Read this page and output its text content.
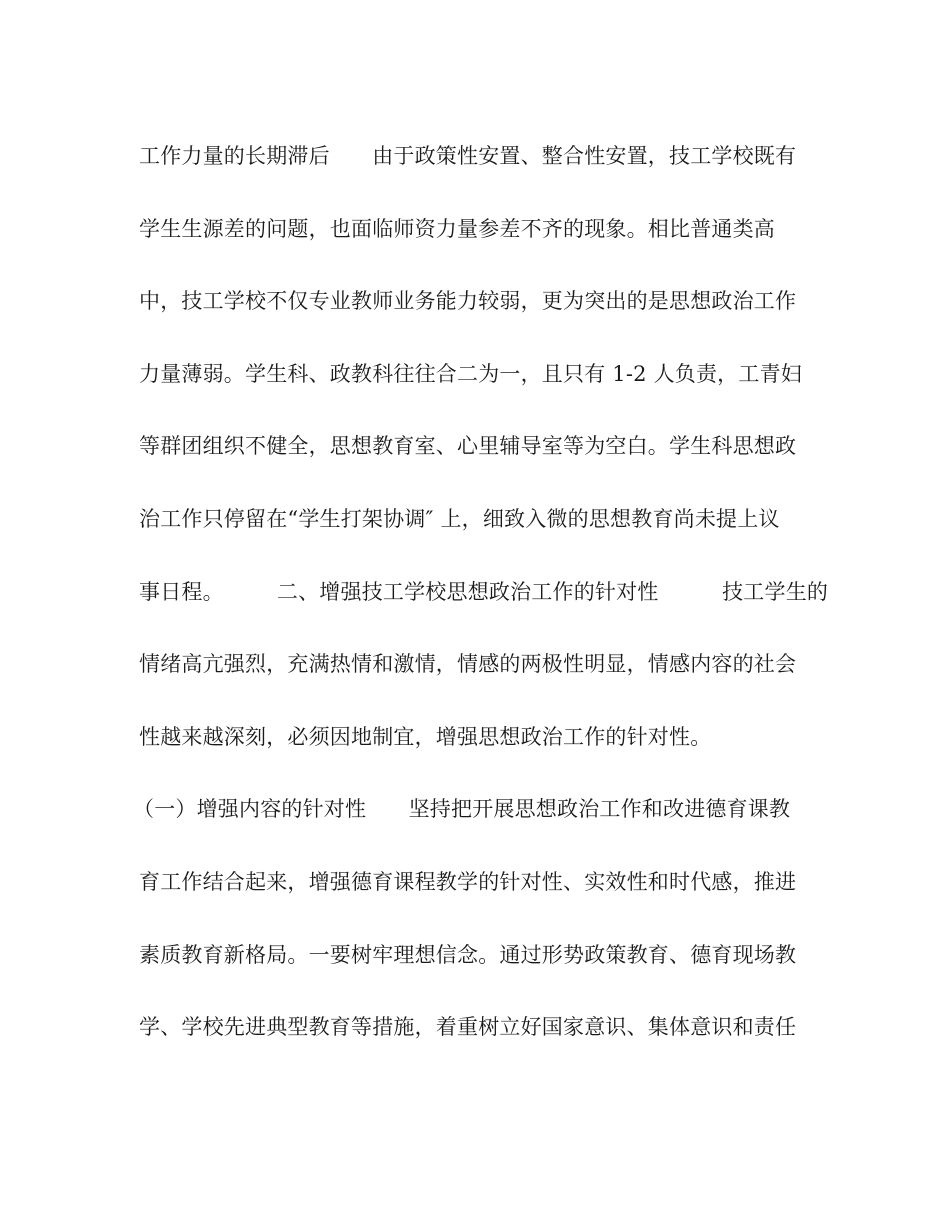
工作力量的长期滞后　　由于政策性安置、整合性安置，技工学校既有
学生生源差的问题，也面临师资力量参差不齐的现象。相比普通类高
中，技工学校不仅专业教师业务能力较弱，更为突出的是思想政治工作
力量薄弱。学生科、政教科往往合二为一，且只有 1-2 人负责，工青妇
等群团组织不健全，思想教育室、心里辅导室等为空白。学生科思想政
治工作只停留在“学生打架协调″ 上，细致入微的思想教育尚未提上议
事日程。　　　二、增强技工学校思想政治工作的针对性　　　技工学生的
情绪高亢强烈，充满热情和激情，情感的两极性明显，情感内容的社会
性越来越深刻，必须因地制宜，增强思想政治工作的针对性。
（一）增强内容的针对性　　坚持把开展思想政治工作和改进德育课教
育工作结合起来，增强德育课程教学的针对性、实效性和时代感，推进
素质教育新格局。一要树牢理想信念。通过形势政策教育、德育现场教
学、学校先进典型教育等措施，着重树立好国家意识、集体意识和责任
